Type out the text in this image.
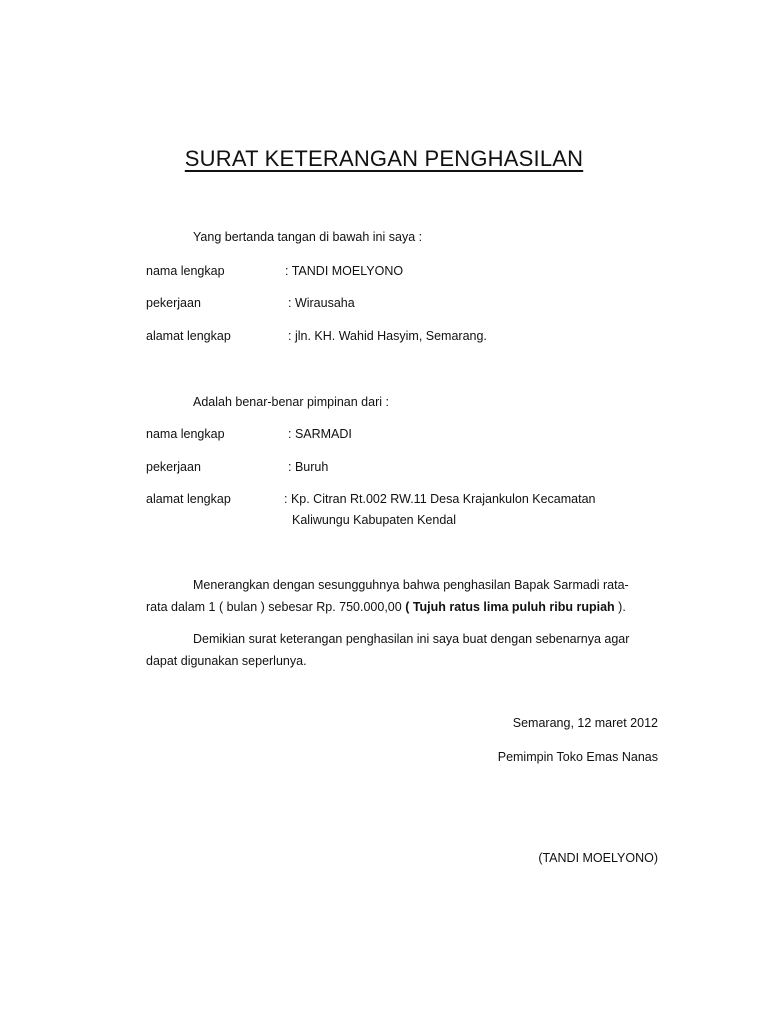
SURAT KETERANGAN PENGHASILAN
Yang bertanda tangan di bawah ini saya :
nama lengkap	: TANDI MOELYONO
pekerjaan	: Wirausaha
alamat lengkap	: jln. KH. Wahid Hasyim, Semarang.
Adalah benar-benar pimpinan dari :
nama lengkap	: SARMADI
pekerjaan	: Buruh
alamat lengkap	: Kp. Citran Rt.002 RW.11 Desa Krajankulon Kecamatan
Kaliwungu Kabupaten Kendal
Menerangkan dengan sesungguhnya bahwa penghasilan Bapak Sarmadi rata-rata dalam 1 ( bulan ) sebesar Rp. 750.000,00 ( Tujuh ratus lima puluh ribu rupiah ).
Demikian surat keterangan penghasilan ini saya buat dengan sebenarnya agar dapat digunakan seperlunya.
Semarang, 12 maret 2012
Pemimpin Toko Emas Nanas
(TANDI MOELYONO)
